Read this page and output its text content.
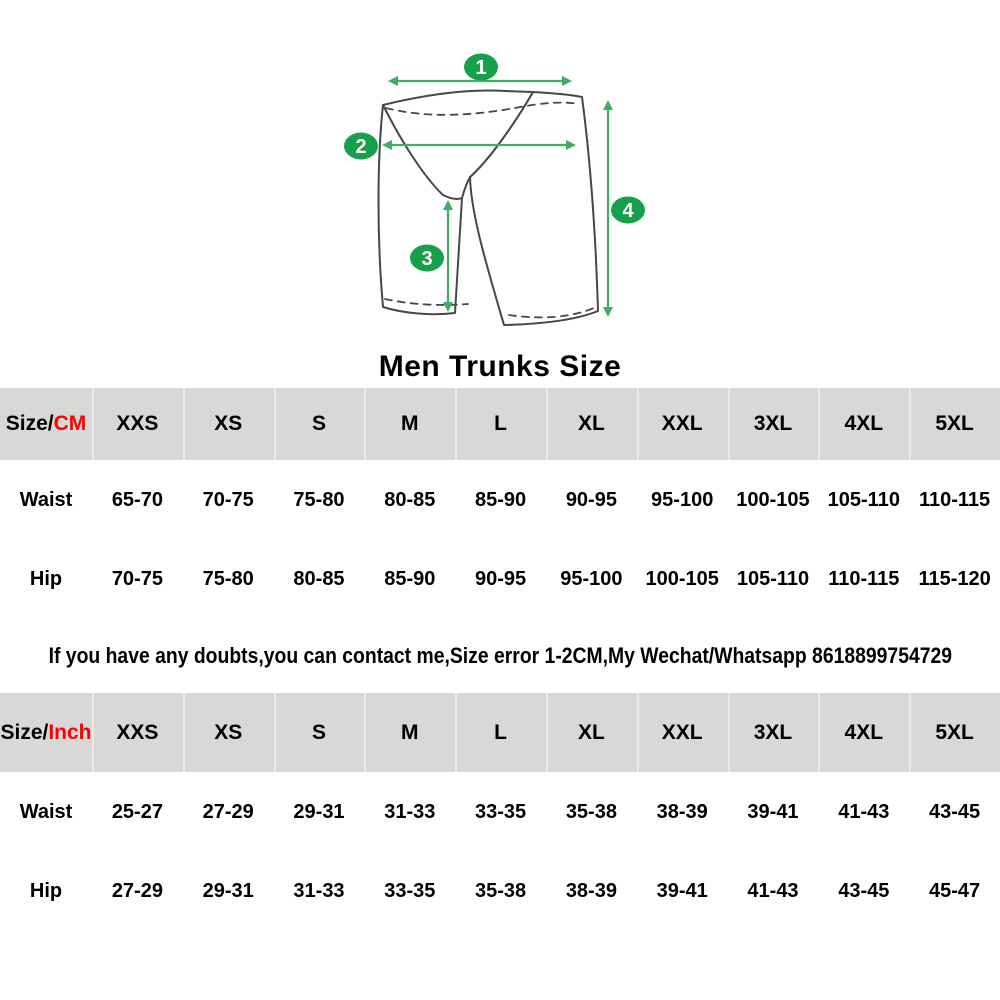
1
2
3
4
Men Trunks Size
Size/CM	XXS	XS	S	M	L	XL	XXL	3XL	4XL	5XL
Waist	65-70	70-75	75-80	80-85	85-90	90-95	95-100	100-105 105-110 110-115
Hip	70-75	75-80	80-85	85-90	90-95	95-100	100-105 105-110 110-115 115-120
If you have any doubts,you can contact me,Size error 1-2CM,My Wechat/Whatsapp 8618899754729
Size/Inch	XXS	XS	S	M	L	XL	XXL	3XL	4XL	5XL
Waist	25-27	27-29	29-31	31-33	33-35	35-38	38-39	39-41	41-43	43-45
Hip	27-29	29-31	31-33	33-35	35-38	38-39	39-41	41-43	43-45	45-47
